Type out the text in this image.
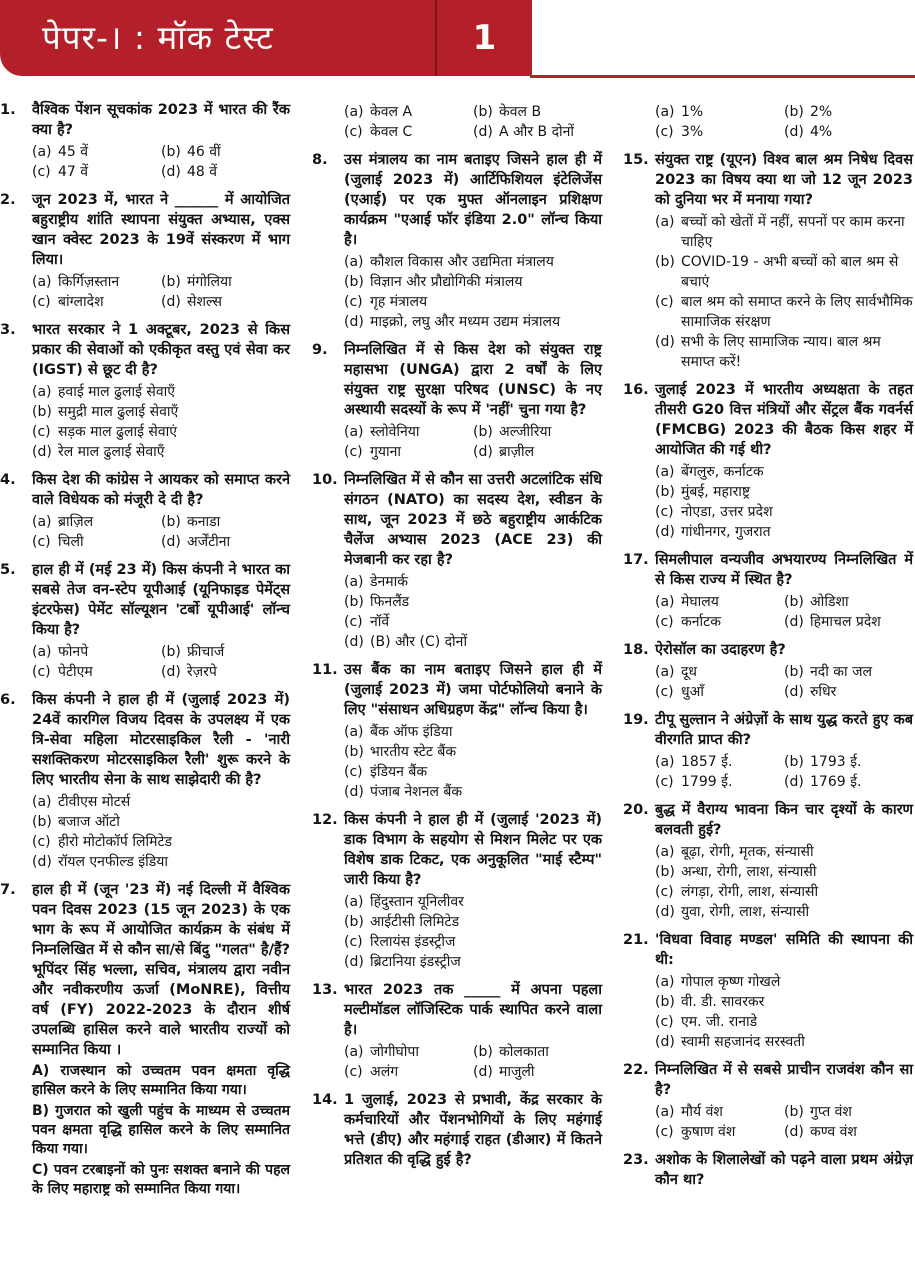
पेपर-। : मॉक टेस्ट	1
1.	वैश्विक पेंशन सूचकांक 2023 में भारत की रैंक क्या है?
(a) 45 वें	(b) 46 वीं
(c) 47 वें	(d) 48 वें
2.	जून 2023 में, भारत ने ______ में आयोजित बहुराष्ट्रीय शांति स्थापना संयुक्त अभ्यास, एक्स खान क्वेस्ट 2023 के 19वें संस्करण में भाग लिया।
(a) किर्गिज़स्तान	(b) मंगोलिया
(c) बांग्लादेश	(d) सेशल्स
3.	भारत सरकार ने 1 अक्टूबर, 2023 से किस प्रकार की सेवाओं को एकीकृत वस्तु एवं सेवा कर (IGST) से छूट दी है?
(a) हवाई माल ढुलाई सेवाएँ
(b) समुद्री माल ढुलाई सेवाएँ
(c) सड़क माल ढुलाई सेवाएं
(d) रेल माल ढुलाई सेवाएँ
4.	किस देश की कांग्रेस ने आयकर को समाप्त करने वाले विधेयक को मंजूरी दे दी है?
(a) ब्राज़िल	(b) कनाडा
(c) चिली	(d) अर्जेंटीना
5.	हाल ही में (मई 23 में) किस कंपनी ने भारत का सबसे तेज वन-स्टेप यूपीआई (यूनिफाइड पेमेंट्स इंटरफेस) पेमेंट सॉल्यूशन 'टर्बो यूपीआई' लॉन्च किया है?
(a) फोनपे	(b) फ्रीचार्ज
(c) पेटीएम	(d) रेज़रपे
6.	किस कंपनी ने हाल ही में (जुलाई 2023 में) 24वें कारगिल विजय दिवस के उपलक्ष्य में एक त्रि-सेवा महिला मोटरसाइकिल रैली - 'नारी सशक्तिकरण मोटरसाइकिल रैली' शुरू करने के लिए भारतीय सेना के साथ साझेदारी की है?
(a) टीवीएस मोटर्स
(b) बजाज ऑटो
(c) हीरो मोटोकॉर्प लिमिटेड
(d) रॉयल एनफील्ड इंडिया
7.	हाल ही में (जून '23 में) नई दिल्ली में वैश्विक पवन दिवस 2023 (15 जून 2023) के एक भाग के रूप में आयोजित कार्यक्रम के संबंध में निम्नलिखित में से कौन सा/से बिंदु "गलत" है/हैं? भूपिंदर सिंह भल्ला, सचिव, मंत्रालय द्वारा नवीन और नवीकरणीय ऊर्जा (MoNRE), वित्तीय वर्ष (FY) 2022-2023 के दौरान शीर्ष उपलब्धि हासिल करने वाले भारतीय राज्यों को सम्मानित किया ।
A) राजस्थान को उच्चतम पवन क्षमता वृद्धि हासिल करने के लिए सम्मानित किया गया।
B) गुजरात को खुली पहुंच के माध्यम से उच्चतम पवन क्षमता वृद्धि हासिल करने के लिए सम्मानित किया गया।
C) पवन टरबाइनों को पुनः सशक्त बनाने की पहल के लिए महाराष्ट्र को सम्मानित किया गया।
(a) केवल A	(b) केवल B
(c) केवल C	(d) A और B दोनों
8.	उस मंत्रालय का नाम बताइए जिसने हाल ही में (जुलाई 2023 में) आर्टिफिशियल इंटेलिजेंस (एआई) पर एक मुफ्त ऑनलाइन प्रशिक्षण कार्यक्रम "एआई फॉर इंडिया 2.0" लॉन्च किया है।
(a) कौशल विकास और उद्यमिता मंत्रालय
(b) विज्ञान और प्रौद्योगिकी मंत्रालय
(c) गृह मंत्रालय
(d) माइक्रो, लघु और मध्यम उद्यम मंत्रालय
9.	निम्नलिखित में से किस देश को संयुक्त राष्ट्र महासभा (UNGA) द्वारा 2 वर्षों के लिए संयुक्त राष्ट्र सुरक्षा परिषद (UNSC) के नए अस्थायी सदस्यों के रूप में 'नहीं' चुना गया है?
(a) स्लोवेनिया	(b) अल्जीरिया
(c) गुयाना	(d) ब्राज़ील
10. निम्नलिखित में से कौन सा उत्तरी अटलांटिक संधि संगठन (NATO) का सदस्य देश, स्वीडन के साथ, जून 2023 में छठे बहुराष्ट्रीय आर्कटिक चैलेंज अभ्यास 2023 (ACE 23) की मेजबानी कर रहा है?
(a) डेनमार्क
(b) फिनलैंड
(c) नॉर्वे
(d) (B) और (C) दोनों
11. उस बैंक का नाम बताइए जिसने हाल ही में (जुलाई 2023 में) जमा पोर्टफोलियो बनाने के लिए "संसाधन अधिग्रहण केंद्र" लॉन्च किया है।
(a) बैंक ऑफ इंडिया
(b) भारतीय स्टेट बैंक
(c) इंडियन बैंक
(d) पंजाब नेशनल बैंक
12. किस कंपनी ने हाल ही में (जुलाई '2023 में) डाक विभाग के सहयोग से मिशन मिलेट पर एक विशेष डाक टिकट, एक अनुकूलित "माई स्टैम्प" जारी किया है?
(a) हिंदुस्तान यूनिलीवर
(b) आईटीसी लिमिटेड
(c) रिलायंस इंडस्ट्रीज
(d) ब्रिटानिया इंडस्ट्रीज
13. भारत 2023 तक _____ में अपना पहला मल्टीमॉडल लॉजिस्टिक पार्क स्थापित करने वाला है।
(a) जोगीघोपा	(b) कोलकाता
(c) अलंग	(d) माजुली
14. 1 जुलाई, 2023 से प्रभावी, केंद्र सरकार के कर्मचारियों और पेंशनभोगियों के लिए महंगाई भत्ते (डीए) और महंगाई राहत (डीआर) में कितने प्रतिशत की वृद्धि हुई है?
(a) 1%	(b) 2%
(c) 3%	(d) 4%
15. संयुक्त राष्ट्र (यूएन) विश्व बाल श्रम निषेध दिवस 2023 का विषय क्या था जो 12 जून 2023 को दुनिया भर में मनाया गया?
(a) बच्चों को खेतों में नहीं, सपनों पर काम करना चाहिए
(b) COVID-19 - अभी बच्चों को बाल श्रम से बचाएं
(c) बाल श्रम को समाप्त करने के लिए सार्वभौमिक सामाजिक संरक्षण
(d) सभी के लिए सामाजिक न्याय। बाल श्रम समाप्त करें!
16. जुलाई 2023 में भारतीय अध्यक्षता के तहत तीसरी G20 वित्त मंत्रियों और सेंट्रल बैंक गवर्नर्स (FMCBG) 2023 की बैठक किस शहर में आयोजित की गई थी?
(a) बेंगलुरु, कर्नाटक
(b) मुंबई, महाराष्ट्र
(c) नोएडा, उत्तर प्रदेश
(d) गांधीनगर, गुजरात
17. सिमलीपाल वन्यजीव अभयारण्य निम्नलिखित में से किस राज्य में स्थित है?
(a) मेघालय	(b) ओडिशा
(c) कर्नाटक	(d) हिमाचल प्रदेश
18. ऐरोसॉल का उदाहरण है?
(a) दूध	(b) नदी का जल
(c) धुआँ	(d) रुधिर
19. टीपू सुल्तान ने अंग्रेज़ों के साथ युद्ध करते हुए कब वीरगति प्राप्त की?
(a) 1857 ई.	(b) 1793 ई.
(c) 1799 ई.	(d) 1769 ई.
20. बुद्ध में वैराग्य भावना किन चार दृश्यों के कारण बलवती हुई?
(a) बूढ़ा, रोगी, मृतक, संन्यासी
(b) अन्धा, रोगी, लाश, संन्यासी
(c) लंगड़ा, रोगी, लाश, संन्यासी
(d) युवा, रोगी, लाश, संन्यासी
21. 'विधवा विवाह मण्डल' समिति की स्थापना की थी:
(a) गोपाल कृष्ण गोखले
(b) वी. डी. सावरकर
(c) एम. जी. रानाडे
(d) स्वामी सहजानंद सरस्वती
22. निम्नलिखित में से सबसे प्राचीन राजवंश कौन सा है?
(a) मौर्य वंश	(b) गुप्त वंश
(c) कुषाण वंश	(d) कण्व वंश
23. अशोक के शिलालेखों को पढ़ने वाला प्रथम अंग्रेज़ कौन था?
